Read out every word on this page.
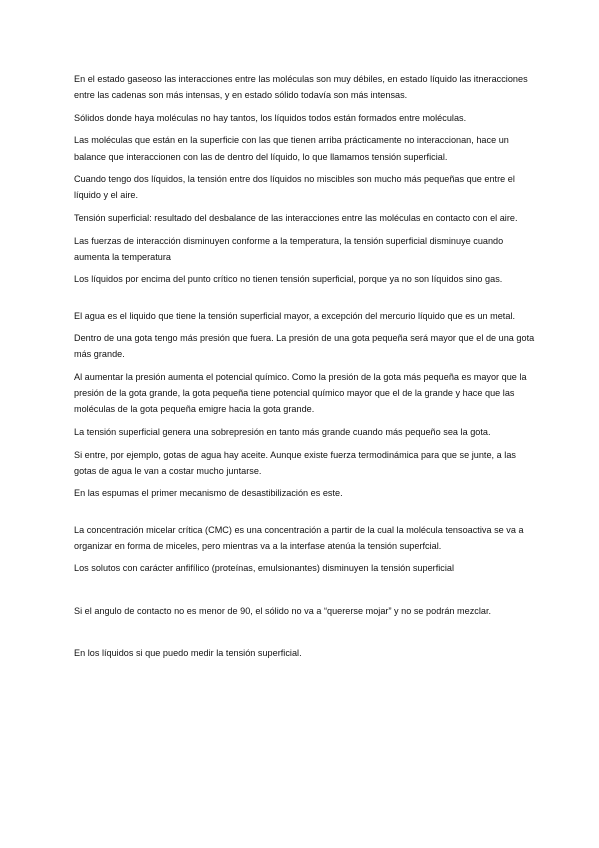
En el estado gaseoso las interacciones entre las moléculas son muy débiles, en estado líquido las itneracciones entre las cadenas son más intensas, y en estado sólido todavía son más intensas.

Sólidos donde haya moléculas no hay tantos, los líquidos todos están formados entre moléculas.

Las moléculas que están en la superficie con las que tienen arriba prácticamente no interaccionan, hace un balance que interaccionen con las de dentro del líquido, lo que llamamos tensión superficial.

Cuando tengo dos líquidos, la tensión entre dos líquidos no miscibles son mucho más pequeñas que entre el líquido y el aire.

Tensión superficial: resultado del desbalance de las interacciones entre las moléculas en contacto con el aire.

Las fuerzas de interacción disminuyen conforme a la temperatura, la tensión superficial disminuye cuando aumenta la temperatura

Los líquidos por encima del punto crítico no tienen tensión superficial, porque ya no son líquidos sino gas.

El agua es el liquido que tiene la tensión superficial mayor, a excepción del mercurio líquido que es un metal.

Dentro de una gota tengo más presión que fuera. La presión de una gota pequeña será mayor que el de una gota más grande.

Al aumentar la presión aumenta el potencial químico. Como la presión de la gota más pequeña es mayor que la presión de la gota grande, la gota pequeña tiene potencial químico mayor que el de la grande y hace que las moléculas de la gota pequeña emigre hacia la gota grande.

La tensión superficial genera una sobrepresión en tanto más grande cuando más pequeño sea la gota.

Si entre, por ejemplo, gotas de agua hay aceite. Aunque existe fuerza termodinámica para que se junte, a las gotas de agua le van a costar mucho juntarse.

En las espumas el primer mecanismo de desastibilización es este.

La concentración micelar crítica (CMC) es una concentración a partir de la cual la molécula tensoactiva se va a organizar en forma de miceles, pero mientras va a la interfase atenúa la tensión superfcial.

Los solutos con carácter anfifílico (proteínas, emulsionantes) disminuyen la tensión superficial

Si el angulo de contacto no es menor de 90, el sólido no va a “quererse mojar” y no se podrán mezclar.

En los líquidos si que puedo medir la tensión superficial.
